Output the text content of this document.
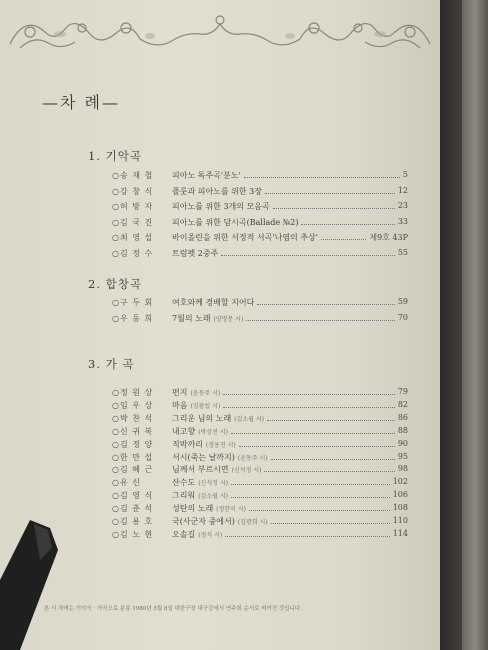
—차 례—
1. 기악곡
○송 재 철 피아노 독주곡'분노'	5
○강 창 식 플룻과 피아노를 위한 3장	12
○허 방 자 피아노를 위한 3개의 모음곡	23
○김 국 진 피아노를 위한 담시곡(Ballade №2)	33
○최 영 섭 바이올린을 위한 서정적 서곡'나염의 추상'	제9호 43P
○김 정 수 트럼펫 2중주	55
2. 합창곡
○구 두 회 여호와께 경배할 지어다	59
○우 동 희 7월의 노래 (양명문 시)	70
3. 가 곡
○정 원 상 편지 (윤동주 시)	79
○임 우 상 마음 (김광섭 시)	82
○박 찬 석 그리운 님의 노래 (김소월 시)	86
○신 귀 복 내고향 (박상진 시)	88
○김 정 양 직박까리 (정용진 시)	90
○한 만 섭 서시(죽는 날까지) (윤동주 시)	95
○김 혜 근 님께서 부르시면 (신석정 시)	98
○유 신	산수도 (신석정 시)	102
○김 영 식 그리워 (김소월 시)	106
○김 춘 석 성탄의 노래 (정한익 시)	108
○김 용 호 국(사군자 중에서) (김광희 시)	110
○김 노 현 오솔길 (정석 시)	114
본 시 작에는 기악곡 · 가곡으로 분류 1980년 5월 8일 대한구장 대구강에서 연주회 순서로 써여진 것입니다.
